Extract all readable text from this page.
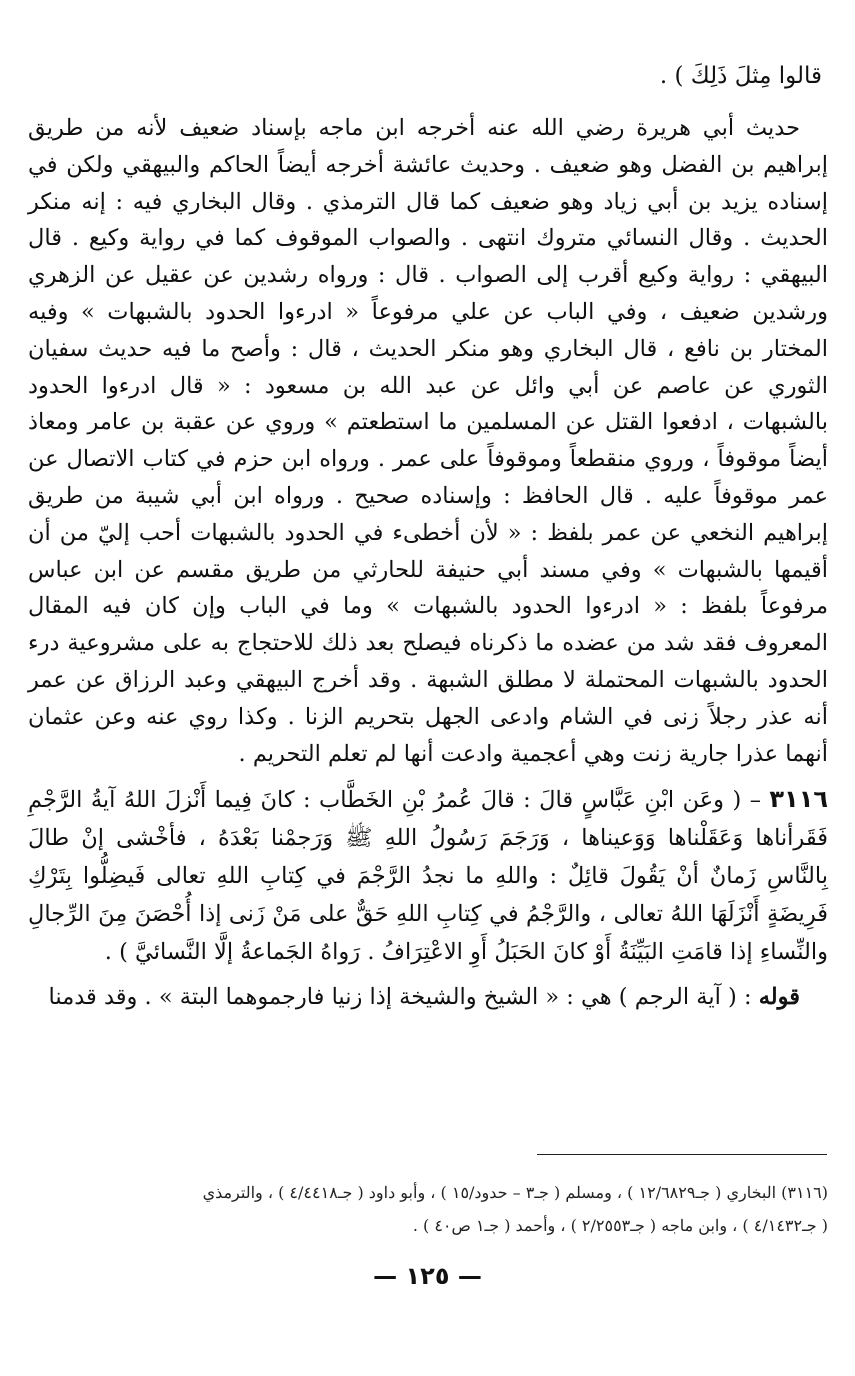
قالوا مِثلَ ذَلِكَ ) .

حديث أبي هريرة رضي الله عنه أخرجه ابن ماجه بإسناد ضعيف لأنه من طريق إبراهيم بن الفضل وهو ضعيف . وحديث عائشة أخرجه أيضاً الحاكم والبيهقي ولكن في إسناده يزيد بن أبي زياد وهو ضعيف كما قال الترمذي . وقال البخاري فيه : إنه منكر الحديث . وقال النسائي متروك انتهى . والصواب الموقوف كما في رواية وكيع . قال البيهقي : رواية وكيع أقرب إلى الصواب . قال : ورواه رشدين عن عقيل عن الزهري ورشدين ضعيف ، وفي الباب عن علي مرفوعاً « ادرءوا الحدود بالشبهات » وفيه المختار بن نافع ، قال البخاري وهو منكر الحديث ، قال : وأصح ما فيه حديث سفيان الثوري عن عاصم عن أبي وائل عن عبد الله بن مسعود : « قال ادرءوا الحدود بالشبهات ، ادفعوا القتل عن المسلمين ما استطعتم » وروي عن عقبة بن عامر ومعاذ أيضاً موقوفاً ، وروي منقطعاً وموقوفاً على عمر . ورواه ابن حزم في كتاب الاتصال عن عمر موقوفاً عليه . قال الحافظ : وإسناده صحيح . ورواه ابن أبي شيبة من طريق إبراهيم النخعي عن عمر بلفظ : « لأن أخطىء في الحدود بالشبهات أحب إليّ من أن أقيمها بالشبهات » وفي مسند أبي حنيفة للحارثي من طريق مقسم عن ابن عباس مرفوعاً بلفظ : « ادرءوا الحدود بالشبهات » وما في الباب وإن كان فيه المقال المعروف فقد شد من عضده ما ذكرناه فيصلح بعد ذلك للاحتجاج به على مشروعية درء الحدود بالشبهات المحتملة لا مطلق الشبهة . وقد أخرج البيهقي وعبد الرزاق عن عمر أنه عذر رجلاً زنى في الشام وادعى الجهل بتحريم الزنا . وكذا روي عنه وعن عثمان أنهما عذرا جارية زنت وهي أعجمية وادعت أنها لم تعلم التحريم .

٣١١٦ – ( وعَن ابْنِ عَبَّاسٍ قالَ : قالَ عُمرُ بْنِ الخَطَّاب : كانَ فِيما أَنْزلَ اللهُ آيةُ الرَّجْمِ فَقَرأناها وَعَقَلْناها وَوَعيناها ، وَرَجَمَ رَسُولُ اللهِ ﷺ وَرَجمْنا بَعْدَهُ ، فأخْشى إنْ طالَ بِالنَّاسِ زَمانٌ أنْ يَقُولَ قائِلٌ : واللهِ ما نجدُ الرَّجْمَ في كِتابِ اللهِ تعالى فَيضِلُّوا بِتَرْكِ فَرِيضَةٍ أَنْزَلَهَا اللهُ تعالى ، والرَّجْمُ في كِتابِ اللهِ حَقٌّ على مَنْ زَنى إذا أُحْصَنَ مِنَ الرِّجالِ والنِّساءِ إذا قامَتِ البَيِّنَةُ أَوْ كانَ الحَبَلُ أَوِ الاعْتِرَافُ . رَواهُ الجَماعةُ إلَّا النَّسائيَّ ) .

قوله : ( آية الرجم ) هي : « الشيخ والشيخة إذا زنيا فارجموهما البتة » . وقد قدمنا

(٣١١٦) البخاري ( جـ١٢/٦٨٢٩ ) ، ومسلم ( جـ٣ – حدود/١٥ ) ، وأبو داود ( جـ٤/٤٤١٨ ) ، والترمذي
( جـ٤/١٤٣٢ ) ، وابن ماجه ( جـ٢/٢٥٥٣ ) ، وأحمد ( جـ١ ص٤٠ ) .
— ١٢٥ —
